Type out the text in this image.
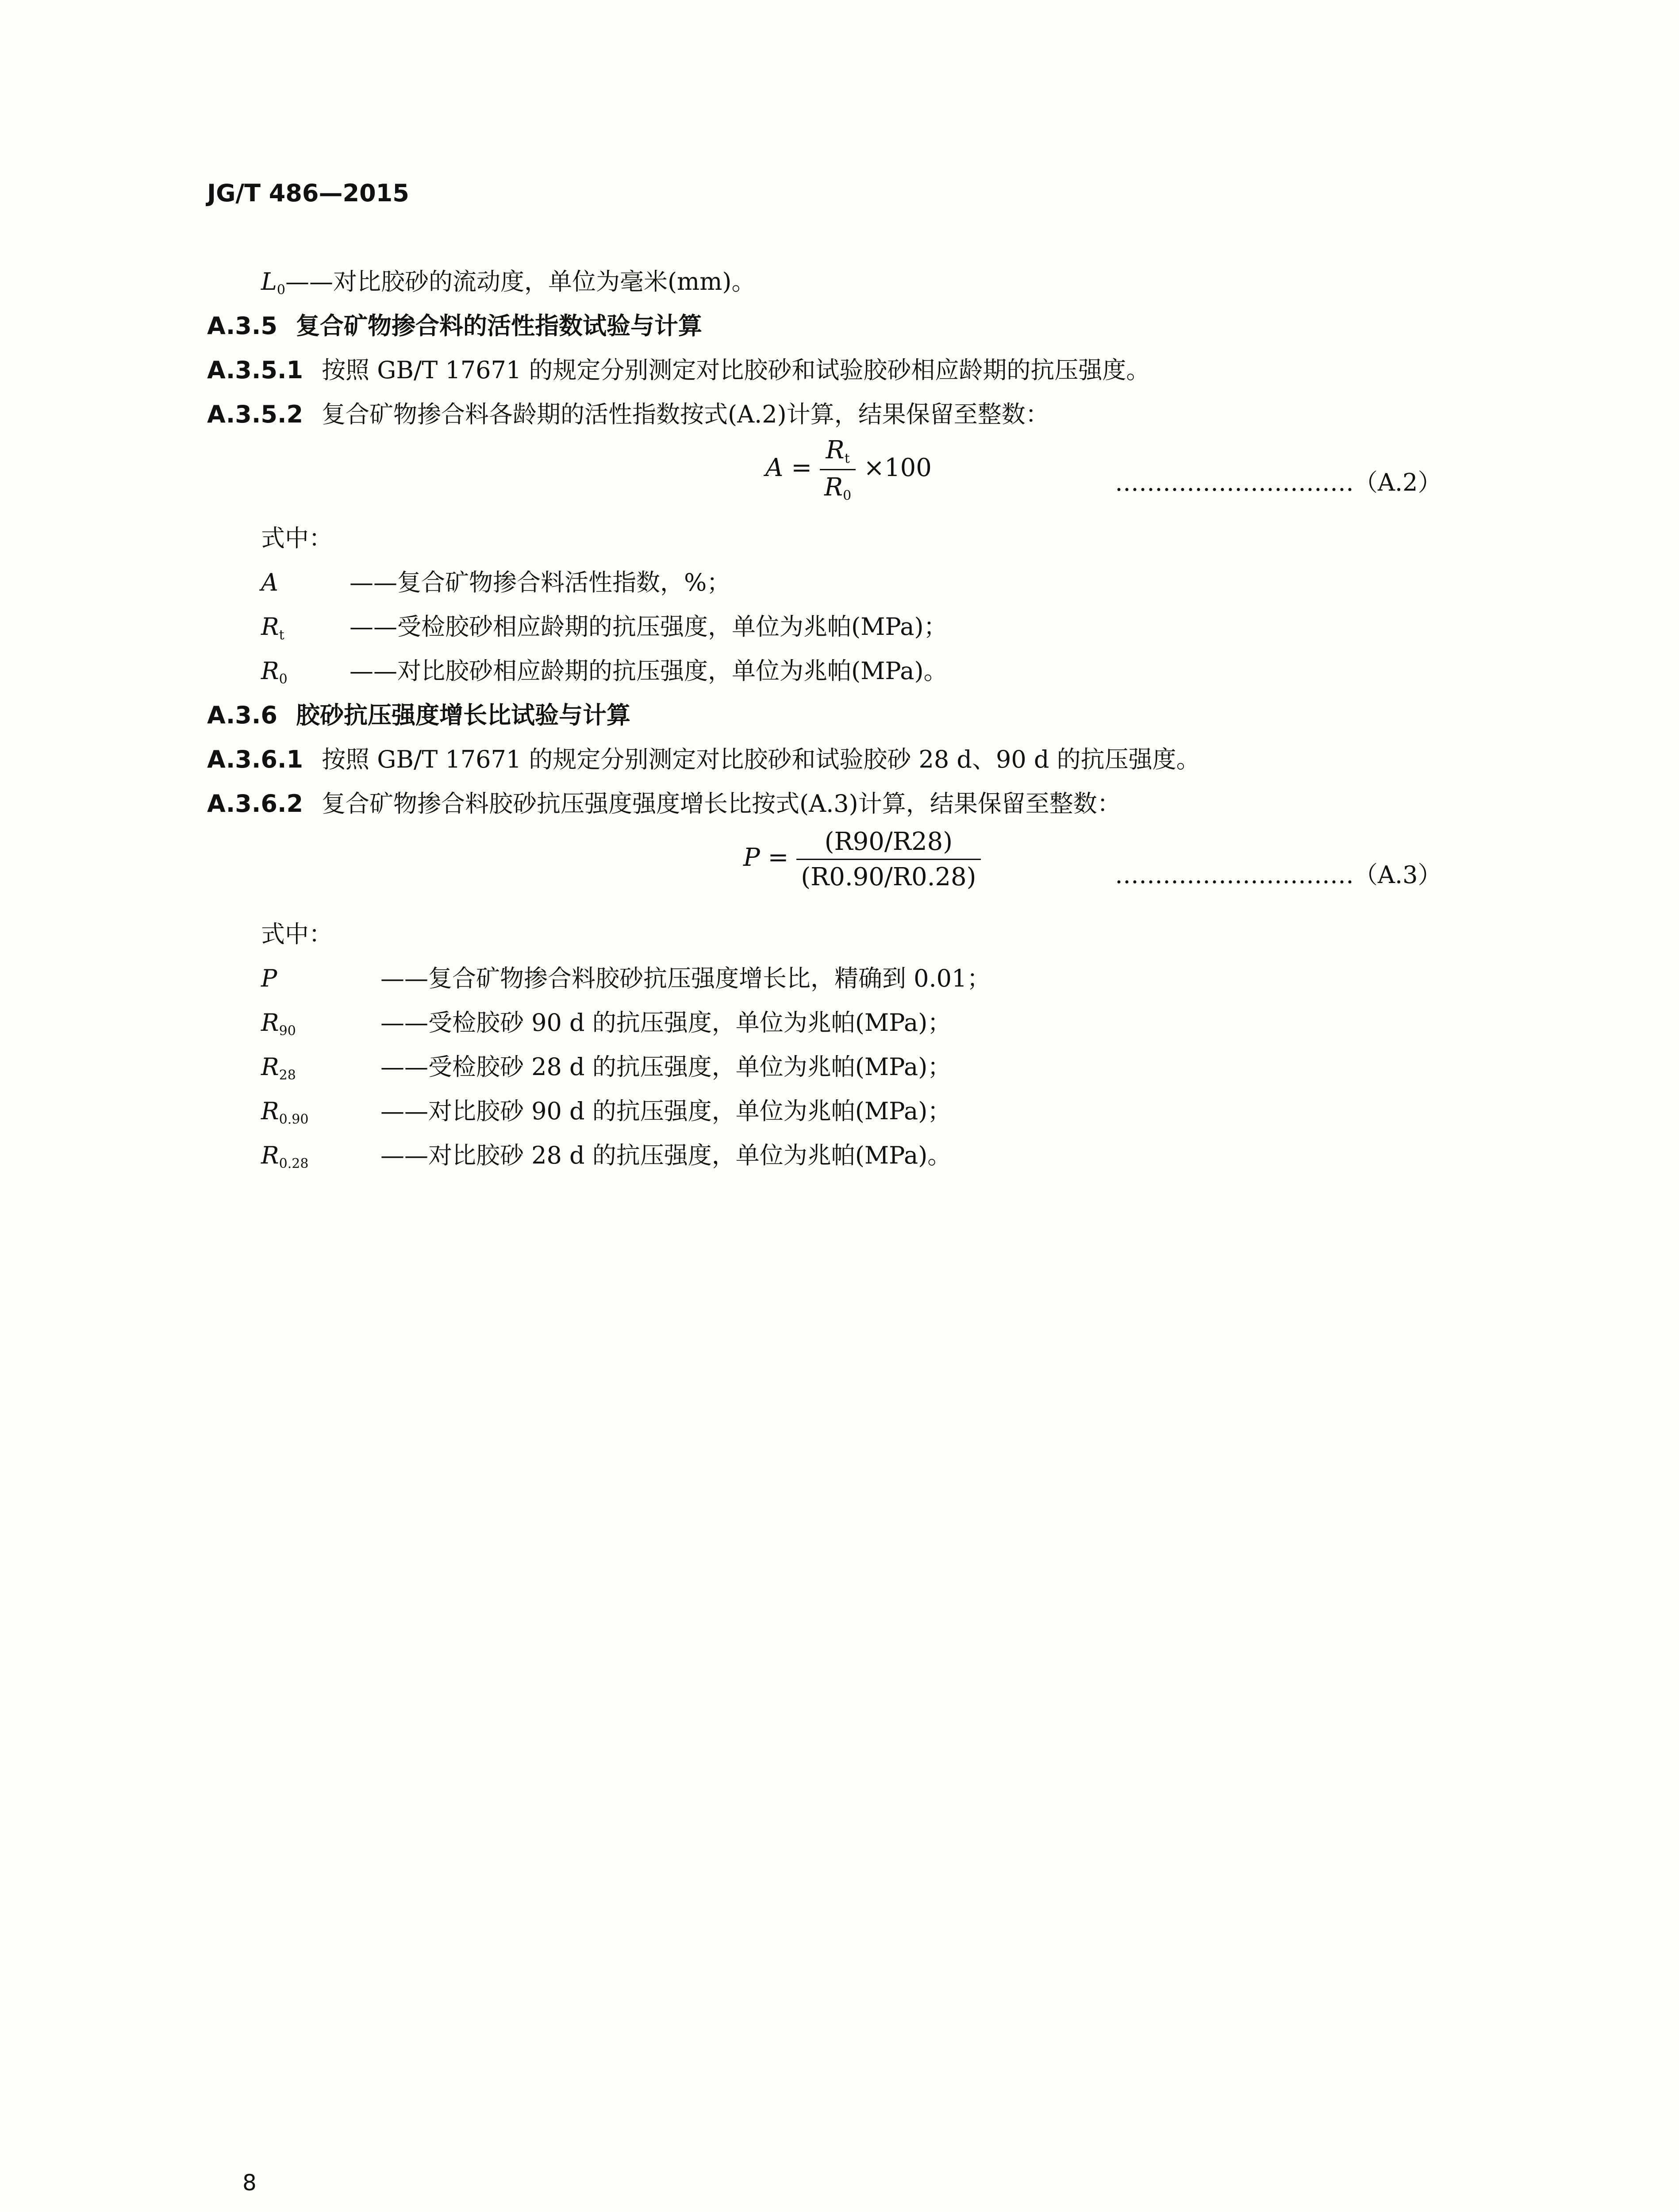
JG/T 486—2015
$L_0——$对比胶砂的流动度，单位为毫米(mm)。
A.3.5 复合矿物掺合料的活性指数试验与计算
A.3.5.1 按照 GB/T 17671 的规定分别测定对比胶砂和试验胶砂相应龄期的抗压强度。
A.3.5.2 复合矿物掺合料各龄期的活性指数按式(A.2)计算，结果保留至整数：
$A = \frac{R_t}{R_0} \times 100$
…………………………（A.2）
式中：
A	——复合矿物掺合料活性指数，%；
$R_t$	——受检胶砂相应龄期的抗压强度，单位为兆帕(MPa)；
$R_0$	——对比胶砂相应龄期的抗压强度，单位为兆帕(MPa)。
A.3.6 胶砂抗压强度增长比试验与计算
A.3.6.1 按照 GB/T 17671 的规定分别测定对比胶砂和试验胶砂 28 d、90 d 的抗压强度。
A.3.6.2 复合矿物掺合料胶砂抗压强度强度增长比按式(A.3)计算，结果保留至整数：
$P = \frac{(R90/R28)}{(R0.90/R0.28)}$	…………………………（A.3）
式中：
P	——复合矿物掺合料胶砂抗压强度增长比，精确到 0.01；
$R_{90}$	——受检胶砂 90 d 的抗压强度，单位为兆帕(MPa)；
$R_{28}$	——受检胶砂 28 d 的抗压强度，单位为兆帕(MPa)；
$R_{0.90}$	——对比胶砂 90 d 的抗压强度，单位为兆帕(MPa)；
$R_{0.28}$	——对比胶砂 28 d 的抗压强度，单位为兆帕(MPa)。
8
